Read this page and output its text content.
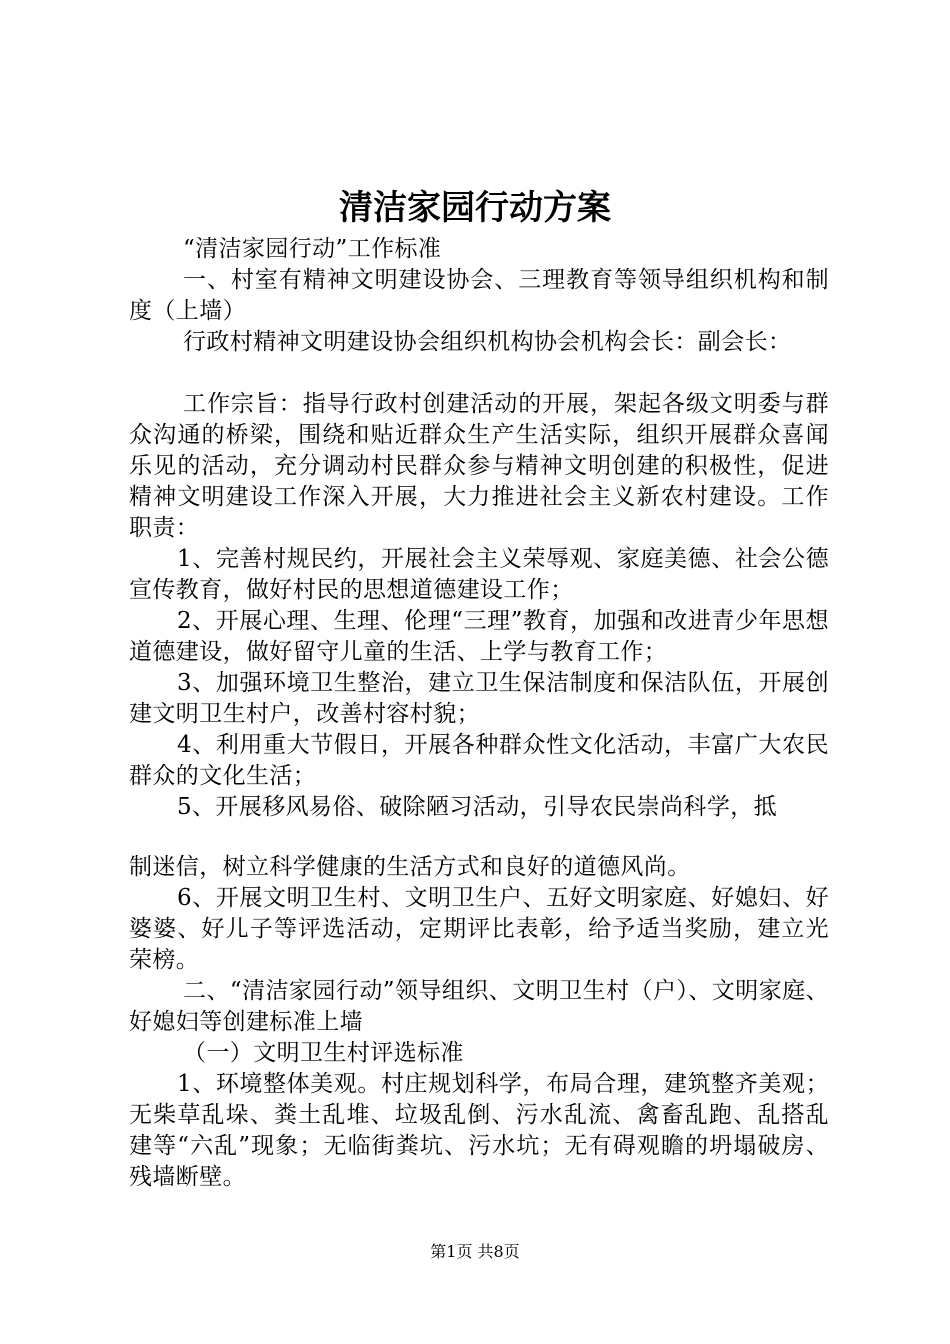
清洁家园行动方案

“清洁家园行动”工作标准

一、村室有精神文明建设协会、三理教育等领导组织机构和制度（上墙）

行政村精神文明建设协会组织机构协会机构会长：副会长：

工作宗旨：指导行政村创建活动的开展，架起各级文明委与群众沟通的桥梁，围绕和贴近群众生产生活实际，组织开展群众喜闻乐见的活动，充分调动村民群众参与精神文明创建的积极性，促进精神文明建设工作深入开展，大力推进社会主义新农村建设。工作职责：

1、完善村规民约，开展社会主义荣辱观、家庭美德、社会公德宣传教育，做好村民的思想道德建设工作；

2、开展心理、生理、伦理“三理”教育，加强和改进青少年思想道德建设，做好留守儿童的生活、上学与教育工作；

3、加强环境卫生整治，建立卫生保洁制度和保洁队伍，开展创建文明卫生村户，改善村容村貌；

4、利用重大节假日，开展各种群众性文化活动，丰富广大农民群众的文化生活；

5、开展移风易俗、破除陋习活动，引导农民崇尚科学，抵

制迷信，树立科学健康的生活方式和良好的道德风尚。

6、开展文明卫生村、文明卫生户、五好文明家庭、好媳妇、好婆婆、好儿子等评选活动，定期评比表彰，给予适当奖励，建立光荣榜。

二、“清洁家园行动”领导组织、文明卫生村（户）、文明家庭、好媳妇等创建标准上墙

（一）文明卫生村评选标准

1、环境整体美观。村庄规划科学，布局合理，建筑整齐美观；无柴草乱垛、粪土乱堆、垃圾乱倒、污水乱流、禽畜乱跑、乱搭乱建等“六乱”现象；无临街粪坑、污水坑；无有碍观瞻的坍塌破房、残墙断壁。

第1页 共8页
